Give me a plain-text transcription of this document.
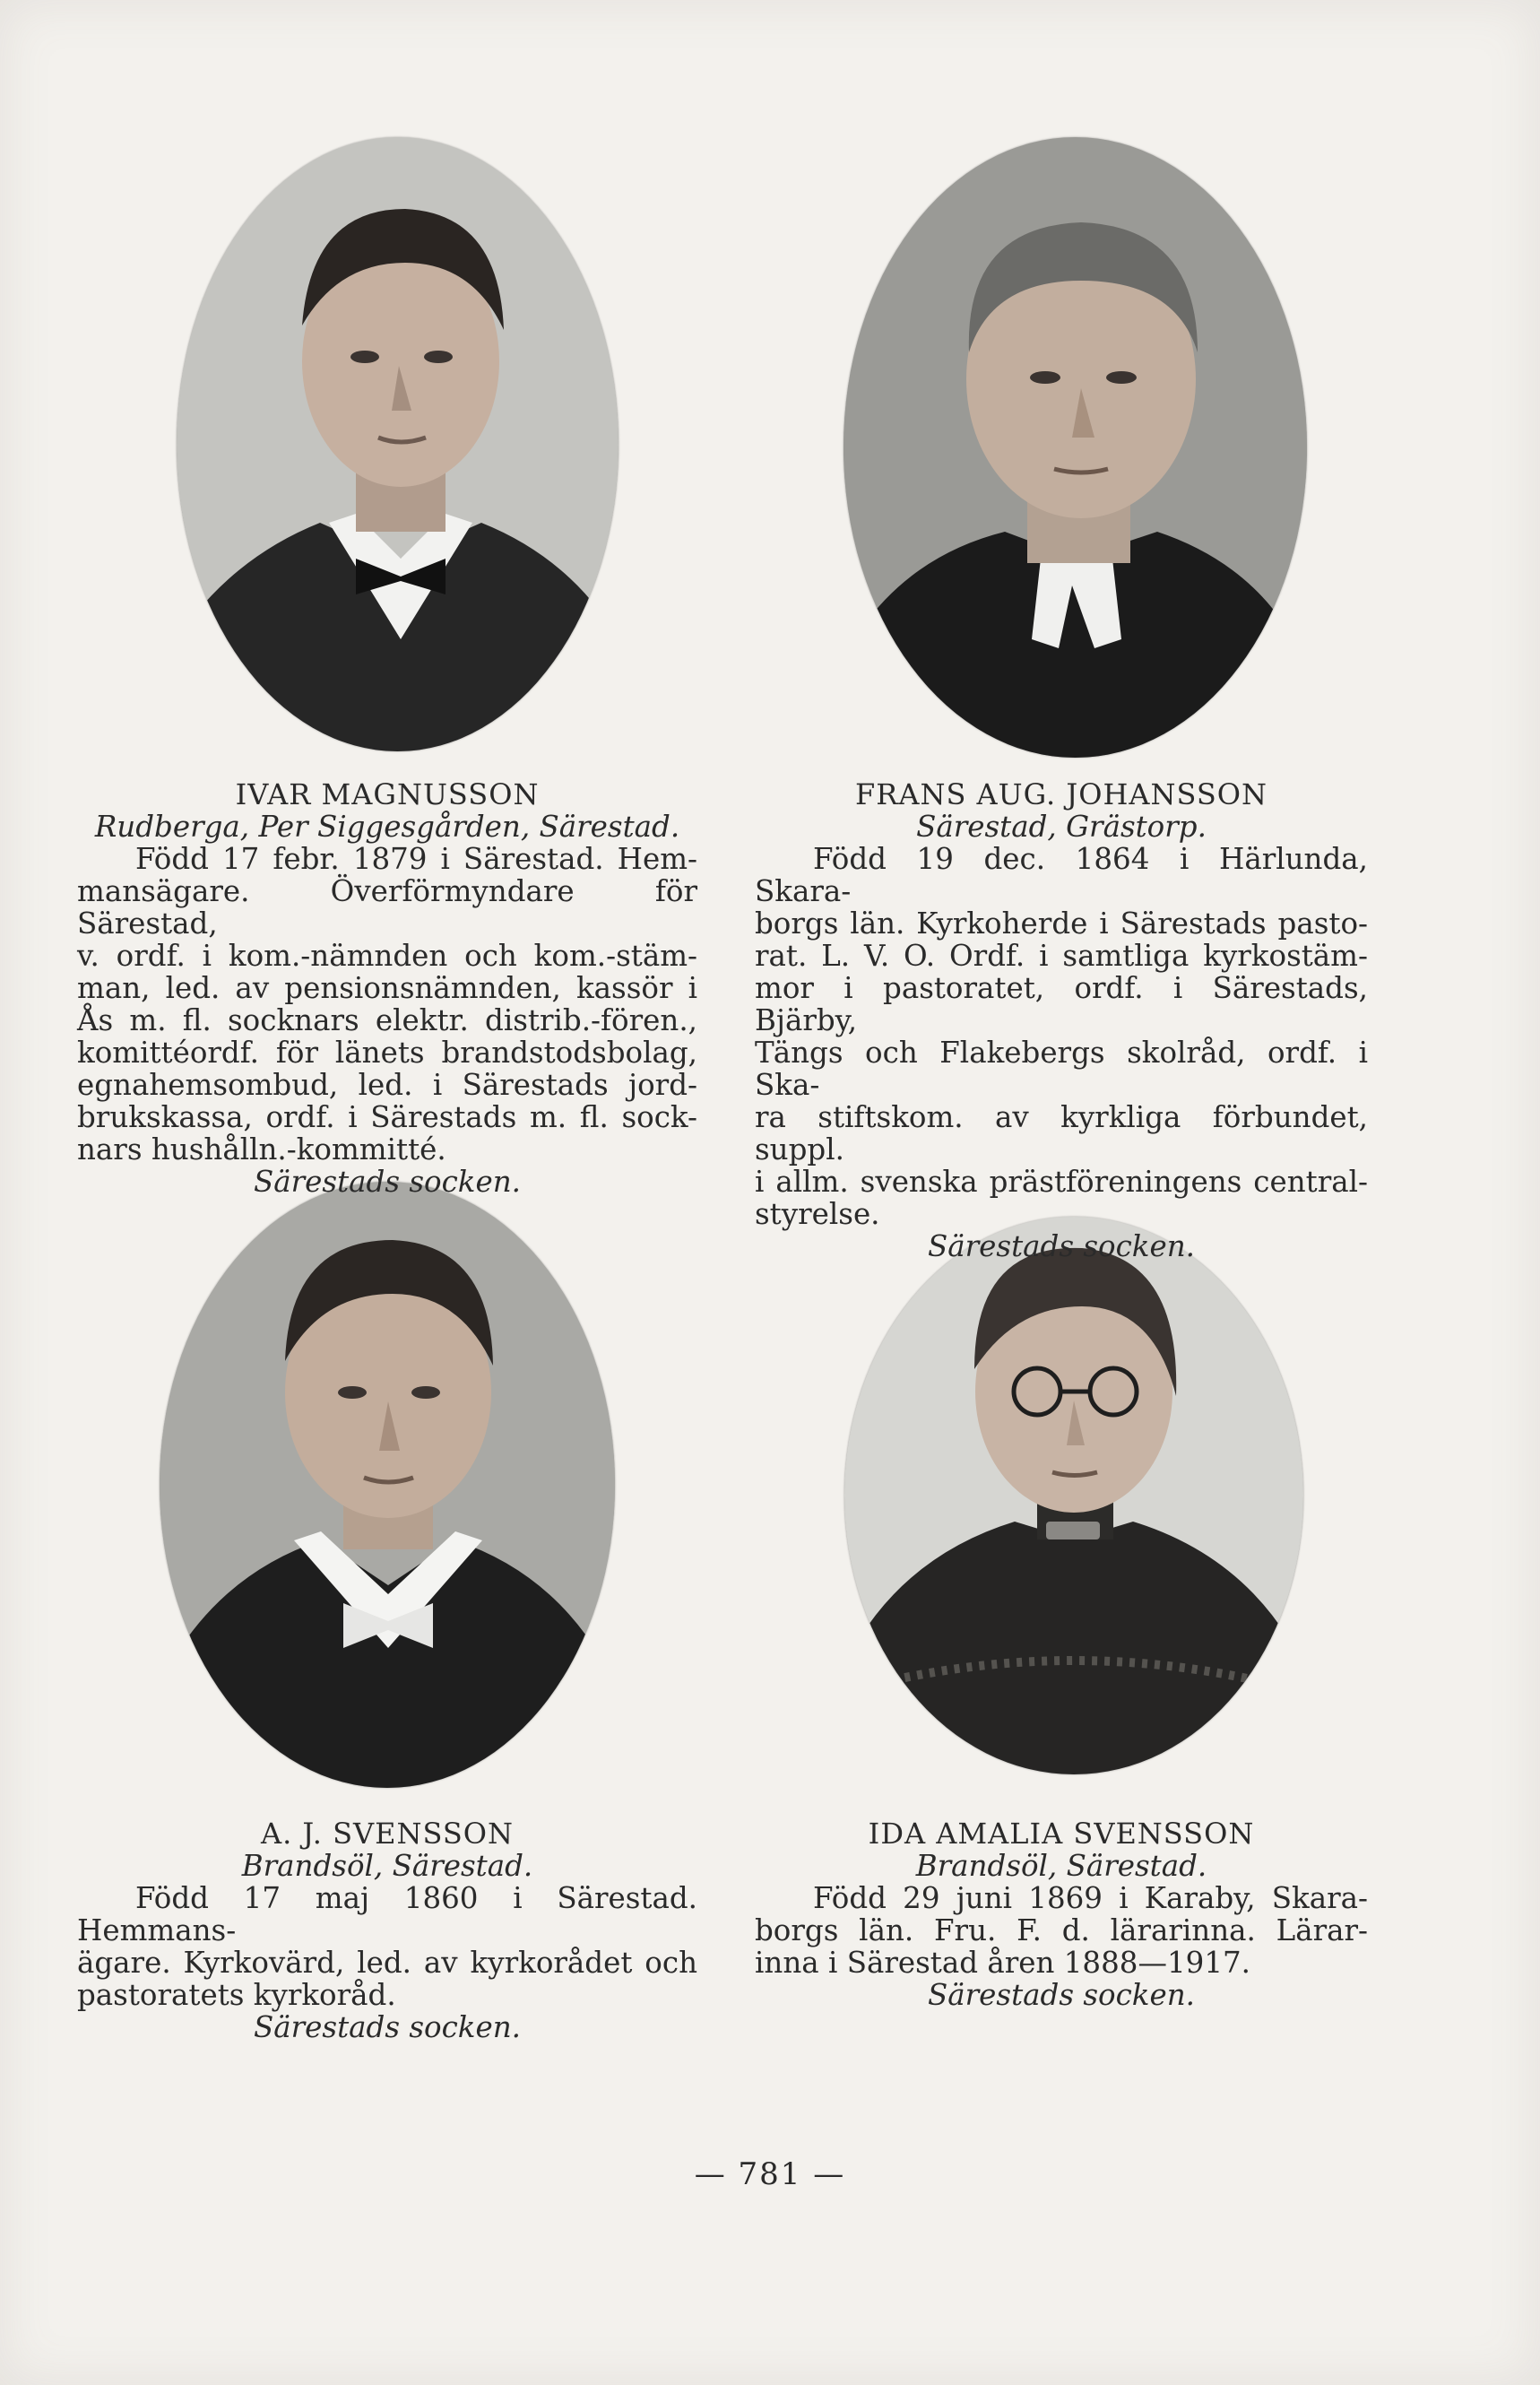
IVAR MAGNUSSON
Rudberga, Per Siggesgården, Särestad.
Född 17 febr. 1879 i Särestad. Hem-
mansägare. Överförmyndare för Särestad,
v. ordf. i kom.-nämnden och kom.-stäm-
man, led. av pensionsnämnden, kassör i
Ås m. fl. socknars elektr. distrib.-fören.,
komittéordf. för länets brandstodsbolag,
egnahemsombud, led. i Särestads jord-
brukskassa, ordf. i Särestads m. fl. sock-
nars hushålln.-kommitté.
Särestads socken.
FRANS AUG. JOHANSSON
Särestad, Grästorp.
Född 19 dec. 1864 i Härlunda, Skara-
borgs län. Kyrkoherde i Särestads pasto-
rat. L. V. O. Ordf. i samtliga kyrkostäm-
mor i pastoratet, ordf. i Särestads, Bjärby,
Tängs och Flakebergs skolråd, ordf. i Ska-
ra stiftskom. av kyrkliga förbundet, suppl.
i allm. svenska prästföreningens central-
styrelse.
Särestads socken.
A. J. SVENSSON
Brandsöl, Särestad.
Född 17 maj 1860 i Särestad. Hemmans-
ägare. Kyrkovärd, led. av kyrkorådet och
pastoratets kyrkoråd.
Särestads socken.
IDA AMALIA SVENSSON
Brandsöl, Särestad.
Född 29 juni 1869 i Karaby, Skara-
borgs län. Fru. F. d. lärarinna. Lärar-
inna i Särestad åren 1888—1917.
Särestads socken.
— 781 —
